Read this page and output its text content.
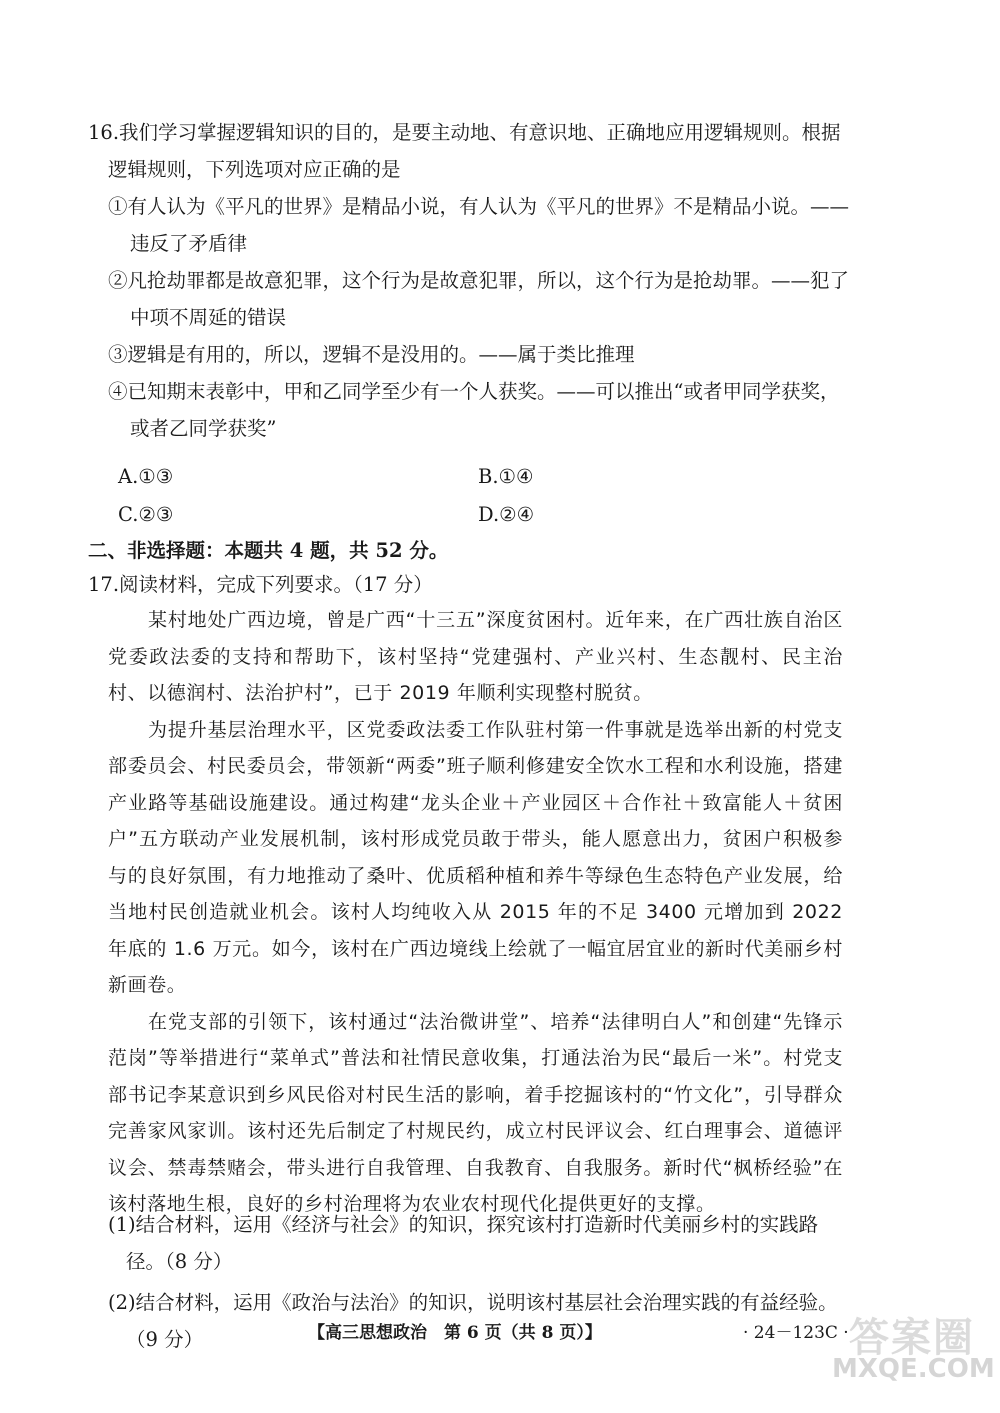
16.我们学习掌握逻辑知识的目的，是要主动地、有意识地、正确地应用逻辑规则。根据逻辑规则，下列选项对应正确的是

①有人认为《平凡的世界》是精品小说，有人认为《平凡的世界》不是精品小说。——违反了矛盾律

②凡抢劫罪都是故意犯罪，这个行为是故意犯罪，所以，这个行为是抢劫罪。——犯了中项不周延的错误

③逻辑是有用的，所以，逻辑不是没用的。——属于类比推理

④已知期末表彰中，甲和乙同学至少有一个人获奖。——可以推出“或者甲同学获奖，或者乙同学获奖”

A.①③	B.①④
C.②③	D.②④
二、非选择题：本题共 4 题，共 52 分。
17.阅读材料，完成下列要求。（17 分）

某村地处广西边境，曾是广西“十三五”深度贫困村。近年来，在广西壮族自治区党委政法委的支持和帮助下，该村坚持“党建强村、产业兴村、生态靓村、民主治村、以德润村、法治护村”，已于 2019 年顺利实现整村脱贫。

为提升基层治理水平，区党委政法委工作队驻村第一件事就是选举出新的村党支部委员会、村民委员会，带领新“两委”班子顺利修建安全饮水工程和水利设施，搭建产业路等基础设施建设。通过构建“龙头企业＋产业园区＋合作社＋致富能人＋贫困户”五方联动产业发展机制，该村形成党员敢于带头，能人愿意出力，贫困户积极参与的良好氛围，有力地推动了桑叶、优质稻种植和养牛等绿色生态特色产业发展，给当地村民创造就业机会。该村人均纯收入从 2015 年的不足 3400 元增加到 2022 年底的 1.6 万元。如今，该村在广西边境线上绘就了一幅宜居宜业的新时代美丽乡村新画卷。

在党支部的引领下，该村通过“法治微讲堂”、培养“法律明白人”和创建“先锋示范岗”等举措进行“菜单式”普法和社情民意收集，打通法治为民“最后一米”。村党支部书记李某意识到乡风民俗对村民生活的影响，着手挖掘该村的“竹文化”，引导群众完善家风家训。该村还先后制定了村规民约，成立村民评议会、红白理事会、道德评议会、禁毒禁赌会，带头进行自我管理、自我教育、自我服务。新时代“枫桥经验”在该村落地生根，良好的乡村治理将为农业农村现代化提供更好的支撑。

(1)结合材料，运用《经济与社会》的知识，探究该村打造新时代美丽乡村的实践路径。（8 分）

(2)结合材料，运用《政治与法治》的知识，说明该村基层社会治理实践的有益经验。（9 分）	【高三思想政治　第 6 页（共 8 页）】	· 24－123C · 答案圈
MXQE.COM
